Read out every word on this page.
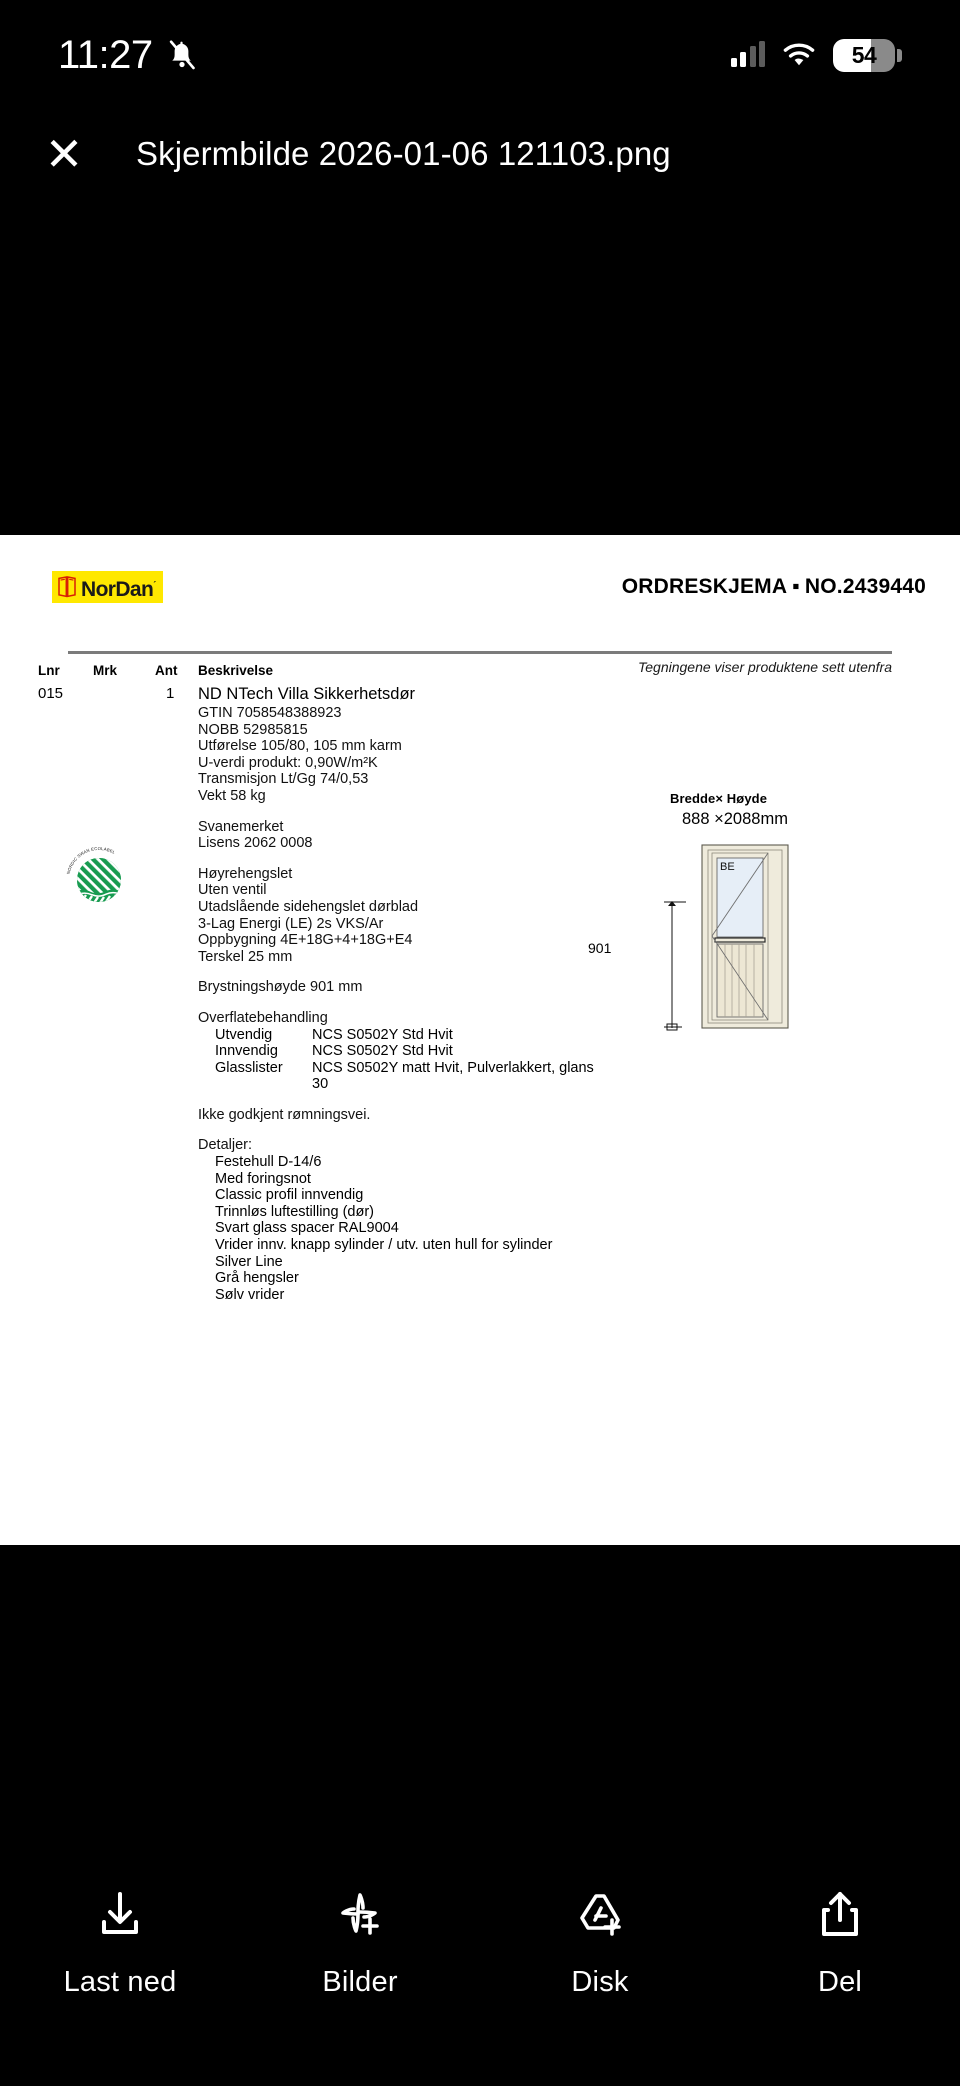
11:27	54
✕	Skjermbilde 2026-01-06 121103.png
NorDan´	ORDRESKJEMA ▪ NO.2439440
Tegningene viser produktene sett utenfra
Lnr Mrk	Ant Beskrivelse
015	1 ND NTech Villa Sikkerhetsdør
GTIN 7058548388923
NOBB 52985815
Utførelse 105/80, 105 mm karm
U-verdi produkt: 0,90W/m²K
Transmisjon Lt/Gg 74/0,53
Vekt 58 kg
Svanemerket
Lisens 2062 0008
Høyrehengslet
Uten ventil
Utadslående sidehengslet dørblad
3-Lag Energi (LE) 2s VKS/Ar
Oppbygning 4E+18G+4+18G+E4
Terskel 25 mm
Brystningshøyde 901 mm
Overflatebehandling
Utvendig	NCS S0502Y Std Hvit
Innvendig	NCS S0502Y Std Hvit
Glasslister	NCS S0502Y matt Hvit, Pulverlakkert, glans 30
Ikke godkjent rømningsvei.
Detaljer:
Festehull D-14/6
Med foringsnot
Classic profil innvendig
Trinnløs luftestilling (dør)
Svart glass spacer RAL9004
Vrider innv. knapp sylinder / utv. uten hull for sylinder
Silver Line
Grå hengsler
Sølv vrider
NORDIC SWAN ECOLABEL
Bredde× Høyde
888 ×2088mm
BE
901
Last ned	Bilder	Disk	Del
